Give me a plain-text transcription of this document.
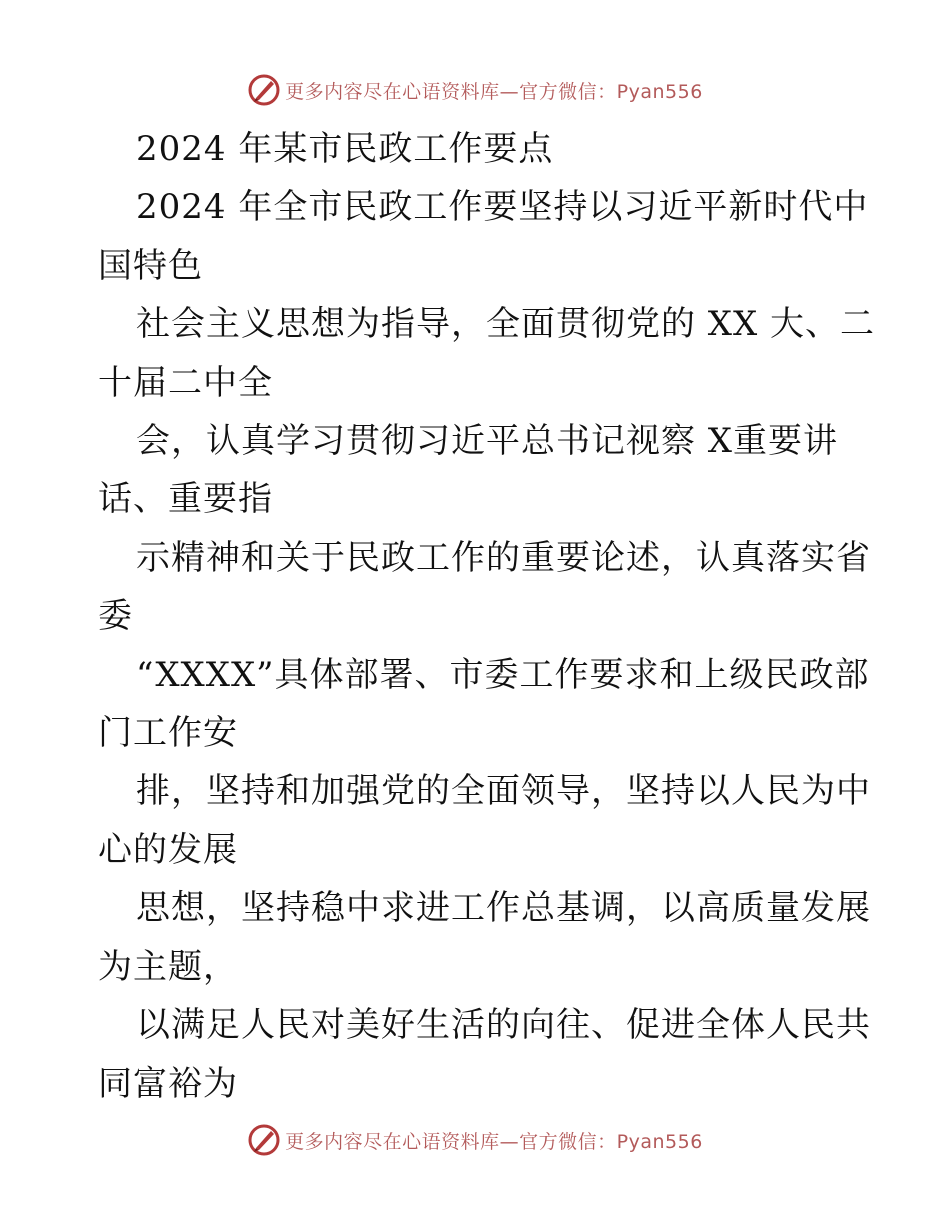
更多内容尽在心语资料库—官方微信：Pyan556
2024 年某市民政工作要点
2024 年全市民政工作要坚持以习近平新时代中
国特色
社会主义思想为指导，全面贯彻党的 XX 大、二
十届二中全
会，认真学习贯彻习近平总书记视察 X重要讲
话、重要指
示精神和关于民政工作的重要论述，认真落实省
委
“XXXX”具体部署、市委工作要求和上级民政部
门工作安
排，坚持和加强党的全面领导，坚持以人民为中
心的发展
思想，坚持稳中求进工作总基调，以高质量发展
为主题，
以满足人民对美好生活的向往、促进全体人民共
同富裕为
更多内容尽在心语资料库—官方微信：Pyan556
